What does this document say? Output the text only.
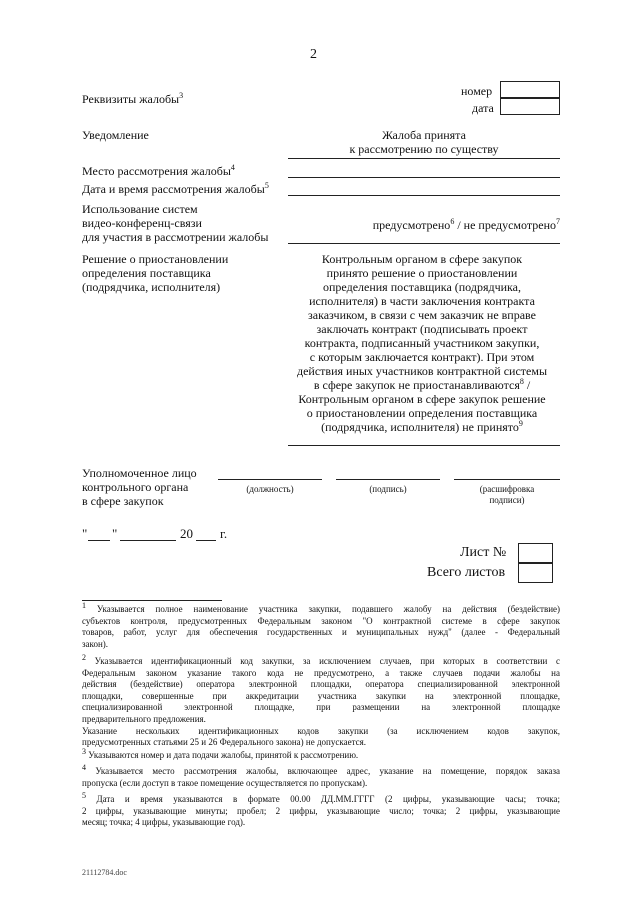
2
Реквизиты жалобы$^3$	номер
дата
Уведомление	Жалоба принята
к рассмотрению по существу
Место рассмотрения жалобы$^4$
Дата и время рассмотрения жалобы$^5$
Использование систем
видео-конференц-связи
для участия в рассмотрении жалобы
предусмотрено$^6$ / не предусмотрено$^7$
Решение о приостановлении
определения поставщика
(подрядчика, исполнителя)
Контрольным органом в сфере закупок
принято решение о приостановлении
определения поставщика (подрядчика,
исполнителя) в части заключения контракта
заказчиком, в связи с чем заказчик не вправе
заключать контракт (подписывать проект
контракта, подписанный участником закупки,
с которым заключается контракт). При этом
действия иных участников контрактной системы
в сфере закупок не приостанавливаются$^8$ /
Контрольным органом в сфере закупок решение
о приостановлении определения поставщика
(подрядчика, исполнителя) не принято$^9$
Уполномоченное лицо
контрольного органа
в сфере закупок
(должность)	(подпись)	(расшифровка
подписи)
" "	20 г.
Лист №
Всего листов
$^1$ Указывается полное наименование участника закупки, подавшего жалобу на действия (бездействие)
субъектов контроля, предусмотренных Федеральным законом "О контрактной системе в сфере закупок
товаров, работ, услуг для обеспечения государственных и муниципальных нужд" (далее - Федеральный
закон).
$^2$ Указывается идентификационный код закупки, за исключением случаев, при которых в соответствии с
Федеральным законом указание такого кода не предусмотрено, а также случаев подачи жалобы на
действия (бездействие) оператора электронной площадки, оператора специализированной электронной
площадки, совершенные при аккредитации участника закупки на электронной площадке,
специализированной электронной площадке, при размещении на электронной площадке
предварительного предложения.
Указание нескольких идентификационных кодов закупки (за исключением кодов закупок,
предусмотренных статьями 25 и 26 Федерального закона) не допускается.
$^3$ Указываются номер и дата подачи жалобы, принятой к рассмотрению.
$^4$ Указывается место рассмотрения жалобы, включающее адрес, указание на помещение, порядок заказа
пропуска (если доступ в такое помещение осуществляется по пропускам).
$^5$ Дата и время указываются в формате 00.00 ДД.ММ.ГГГГ (2 цифры, указывающие часы; точка;
2 цифры, указывающие минуты; пробел; 2 цифры, указывающие число; точка; 2 цифры, указывающие
месяц; точка; 4 цифры, указывающие год).
21112784.doc
